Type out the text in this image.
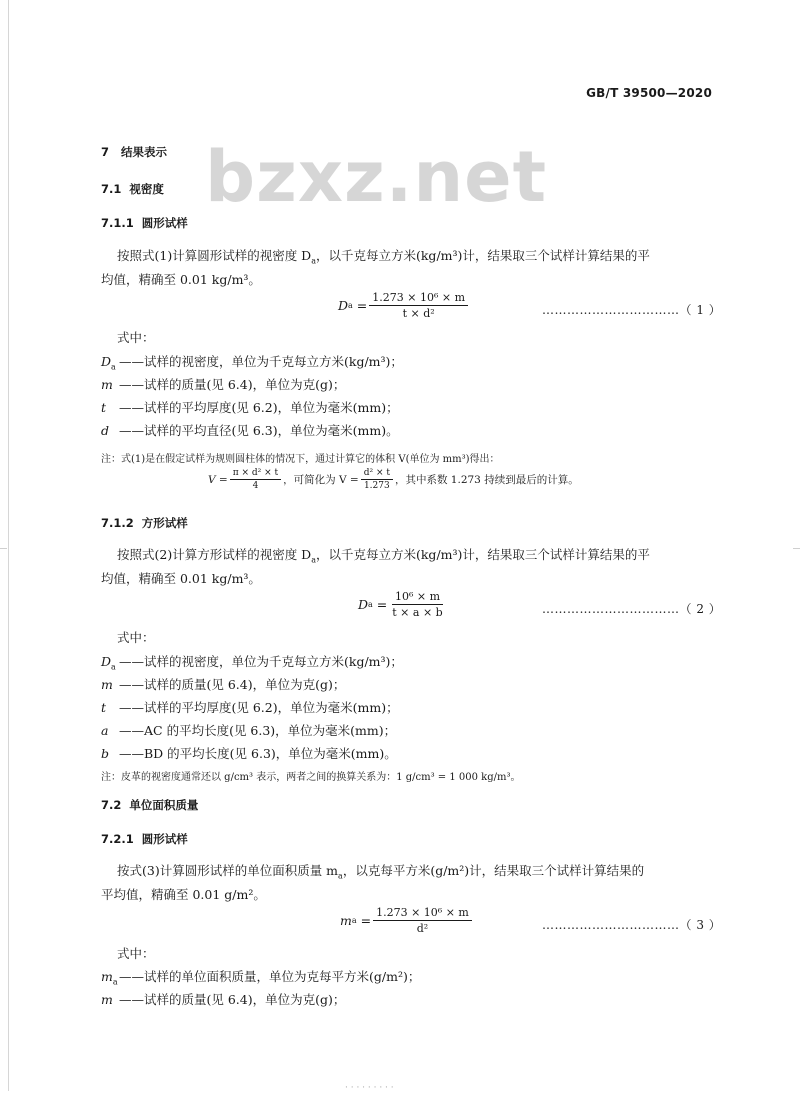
GB/T 39500—2020
bzxz.net
7 结果表示
7.1 视密度
7.1.1 圆形试样
按照式(1)计算圆形试样的视密度 $D_a$，以千克每立方米(kg/m³)计，结果取三个试样计算结果的平
均值，精确至 0.01 kg/m³。
D $a = \frac{\text{1.273 × 10⁶ × m}}{\text{t × d²}}$	……………………………（ 1 ）
式中：
$D_a$ ——试样的视密度，单位为千克每立方米(kg/m³)；
m ——试样的质量(见 6.4)，单位为克(g)；
t ——试样的平均厚度(见 6.2)，单位为毫米(mm)；
d ——试样的平均直径(见 6.3)，单位为毫米(mm)。
注：式(1)是在假定试样为规则圆柱体的情况下，通过计算它的体积 V(单位为 mm³)得出：
$V = \frac{\text{π × d² × t}}{4}$ ，可简化为 $V = \frac{\text{d² × t}}{1.273}$ ，其中系数 1.273 持续到最后的计算。
7.1.2 方形试样
按照式(2)计算方形试样的视密度 $D_a$，以千克每立方米(kg/m³)计，结果取三个试样计算结果的平
均值，精确至 0.01 kg/m³。
D $a = \frac{\text{10⁶ × m}}{t \times a \times b}$	……………………………（ 2 ）
式中：
$D_a$ ——试样的视密度，单位为千克每立方米(kg/m³)；
m ——试样的质量(见 6.4)，单位为克(g)；
t ——试样的平均厚度(见 6.2)，单位为毫米(mm)；
a ——AC 的平均长度(见 6.3)，单位为毫米(mm)；
b ——BD 的平均长度(见 6.3)，单位为毫米(mm)。
注：皮革的视密度通常还以 g/cm³ 表示，两者之间的换算关系为：1 g/cm³ = 1 000 kg/m³。
7.2 单位面积质量
7.2.1 圆形试样
按式(3)计算圆形试样的单位面积质量 $m_a$，以克每平方米(g/m²)计，结果取三个试样计算结果的
平均值，精确至 0.01 g/m²。
m $a = \frac{\text{1.273 × 10⁶ × m}}{\text{d²}}$	……………………………（ 3 ）
式中：
$m_a——$试样的单位面积质量，单位为克每平方米(g/m²)；
m ——试样的质量(见 6.4)，单位为克(g)；
· · · · · · · · ·
